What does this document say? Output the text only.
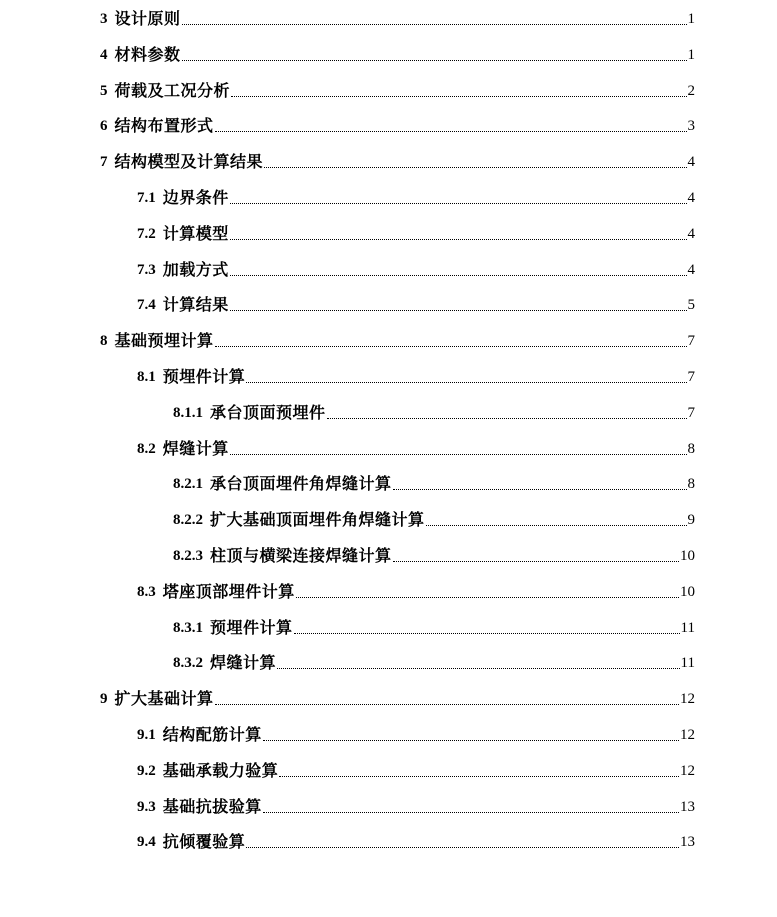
3 设计原则	1
4 材料参数	1
5 荷载及工况分析	2
6 结构布置形式	3
7 结构模型及计算结果	4
7.1 边界条件	4
7.2 计算模型	4
7.3 加载方式	4
7.4 计算结果	5
8 基础预埋计算	7
8.1 预埋件计算	7
8.1.1 承台顶面预埋件	7
8.2 焊缝计算	8
8.2.1 承台顶面埋件角焊缝计算	8
8.2.2 扩大基础顶面埋件角焊缝计算	9
8.2.3 柱顶与横梁连接焊缝计算	10
8.3 塔座顶部埋件计算	10
8.3.1 预埋件计算	11
8.3.2 焊缝计算	11
9 扩大基础计算	12
9.1 结构配筋计算	12
9.2 基础承载力验算	12
9.3 基础抗拔验算	13
9.4 抗倾覆验算	13
